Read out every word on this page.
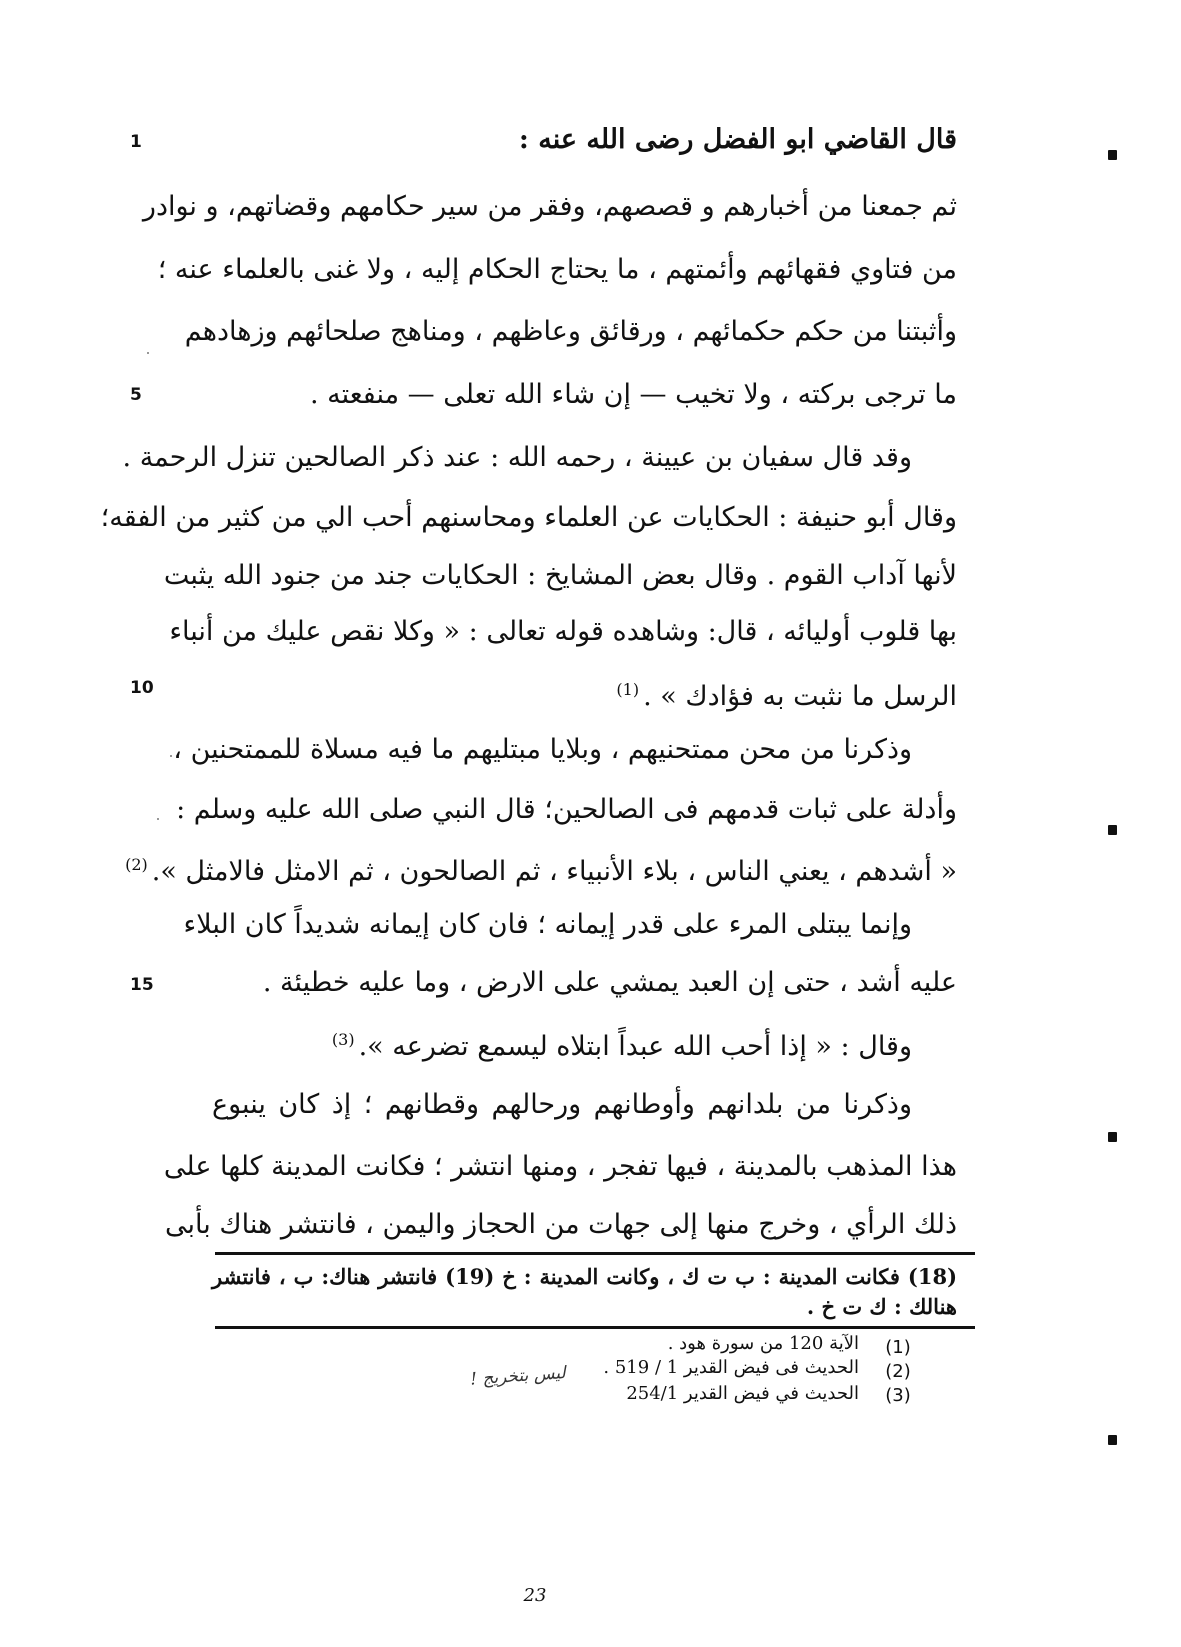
1
5
10
15
قال القاضي ابو الفضل رضى الله عنه :
ثم جمعنا من أخبارهم و قصصهم، وفقر من سير حكامهم وقضاتهم، و نوادر
من فتاوي فقهائهم وأئمتهم ، ما يحتاج الحكام إليه ، ولا غنى بالعلماء عنه ؛
وأثبتنا من حكم حكمائهم ، ورقائق وعاظهم ، ومناهج صلحائهم وزهادهم
ما ترجى بركته ، ولا تخيب — إن شاء الله تعلى — منفعته .
وقد قال سفيان بن عيينة ، رحمه الله : عند ذكر الصالحين تنزل الرحمة .
وقال أبو حنيفة : الحكايات عن العلماء ومحاسنهم أحب الي من كثير من الفقه؛
لأنها آداب القوم . وقال بعض المشايخ : الحكايات جند من جنود الله يثبت
بها قلوب أوليائه ، قال: وشاهده قوله تعالى : « وكلا نقص عليك من أنباء
الرسل ما نثبت به فؤادك » .$^{(1)}$
وذكرنا من محن ممتحنيهم ، وبلايا مبتليهم ما فيه مسلاة للممتحنين ،
وأدلة على ثبات قدمهم فى الصالحين؛ قال النبي صلى الله عليه وسلم :
« أشدهم ، يعني الناس ، بلاء الأنبياء ، ثم الصالحون ، ثم الامثل فالامثل ».$^{(2)}$
وإنما يبتلى المرء على قدر إيمانه ؛ فان كان إيمانه شديداً كان البلاء
عليه أشد ، حتى إن العبد يمشي على الارض ، وما عليه خطيئة .
وقال : « إذا أحب الله عبداً ابتلاه ليسمع تضرعه ».$^{(3)}$
وذكرنا من بلدانهم وأوطانهم ورحالهم وقطانهم ؛ إذ كان ينبوع
هذا المذهب بالمدينة ، فيها تفجر ، ومنها انتشر ؛ فكانت المدينة كلها على
ذلك الرأي ، وخرج منها إلى جهات من الحجاز واليمن ، فانتشر هناك بأبى
(18) فكانت المدينة : ب ت ك ، وكانت المدينة : خ (19) فانتشر هناك: ب ، فانتشر
هنالك : ك ت خ .
(1)
الآية 120 من سورة هود .
(2)
الحديث فى فيض القدير 1 / 519 .
(3)
الحديث في فيض القدير 254/1
ليس بتخريج !
23
